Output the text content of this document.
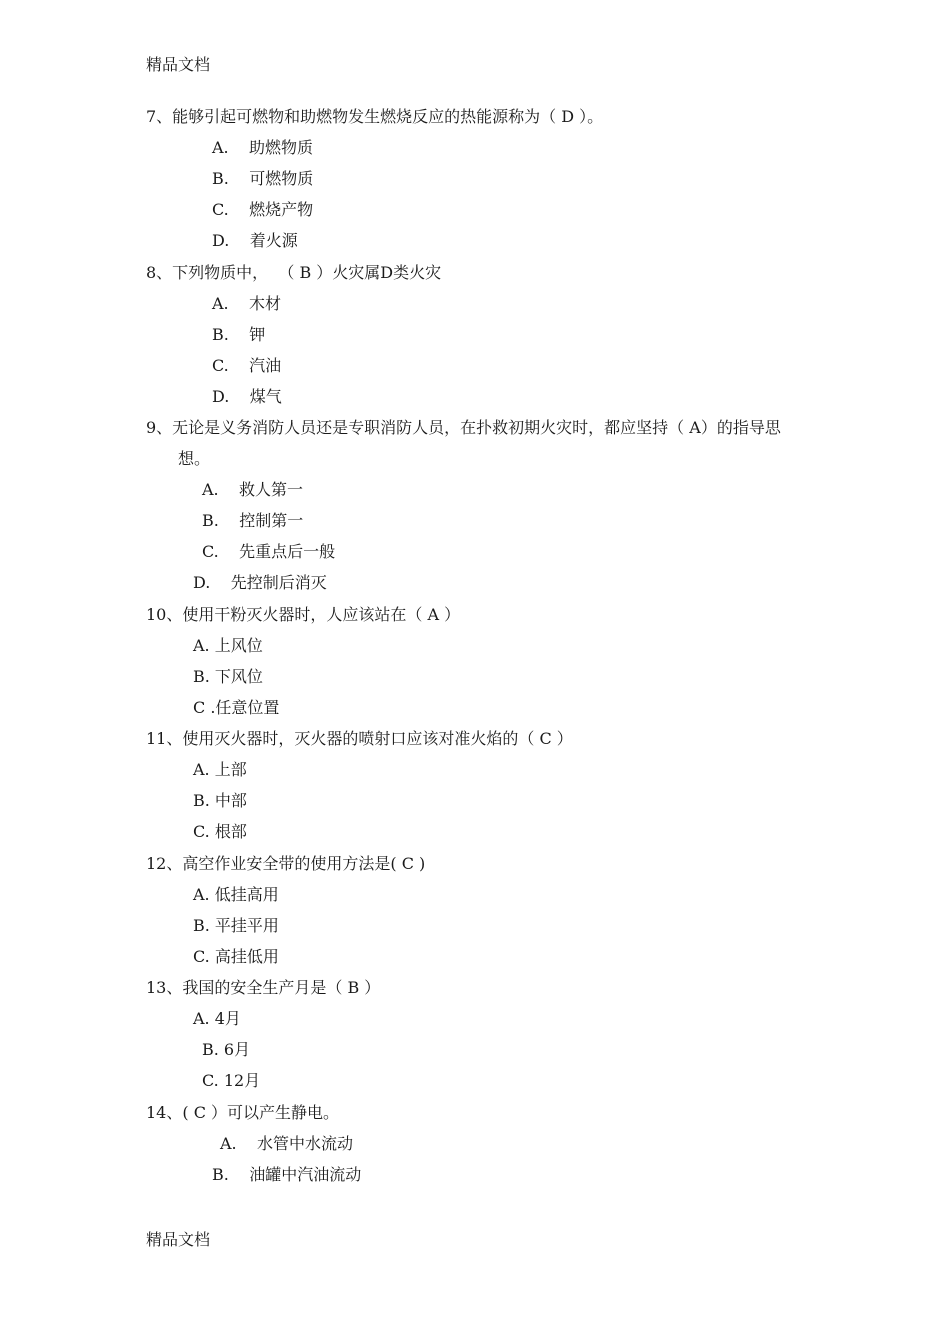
精品文档
7、能够引起可燃物和助燃物发生燃烧反应的热能源称为（ D ）。
A.    助燃物质
B.    可燃物质
C.    燃烧产物
D.    着火源
8、下列物质中，  （ B ）火灾属D类火灾
A.    木材
B.    钾
C.    汽油
D.    煤气
9、无论是义务消防人员还是专职消防人员，在扑救初期火灾时，都应坚持（ A）的指导思
想。
A.    救人第一
B.    控制第一
C.    先重点后一般
D.    先控制后消灭
10、使用干粉灭火器时，人应该站在（ A ）
A. 上风位
B. 下风位
C .任意位置
11、使用灭火器时，灭火器的喷射口应该对准火焰的（ C ）
A. 上部
B. 中部
C. 根部
12、高空作业安全带的使用方法是( C )
A. 低挂高用
B. 平挂平用
C. 高挂低用
13、我国的安全生产月是（ B ）
A. 4月
B. 6月
C. 12月
14、( C ）可以产生静电。
A.    水管中水流动
B.    油罐中汽油流动
精品文档
